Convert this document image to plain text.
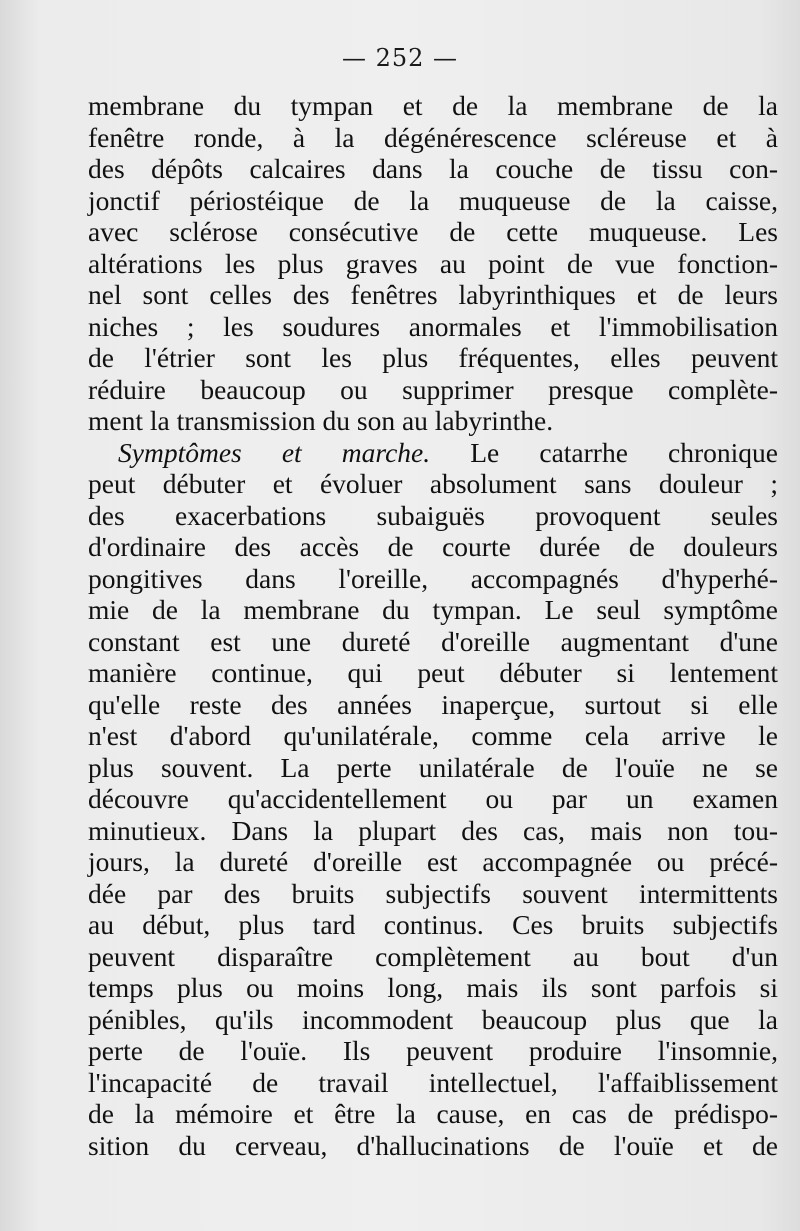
— 252 —
membrane du tympan et de la membrane de la
fenêtre ronde, à la dégénérescence scléreuse et à
des dépôts calcaires dans la couche de tissu con-
jonctif périostéique de la muqueuse de la caisse,
avec sclérose consécutive de cette muqueuse. Les
altérations les plus graves au point de vue fonction-
nel sont celles des fenêtres labyrinthiques et de leurs
niches ; les soudures anormales et l'immobilisation
de l'étrier sont les plus fréquentes, elles peuvent
réduire beaucoup ou supprimer presque complète-
ment la transmission du son au labyrinthe.
Symptômes et marche. Le catarrhe chronique
peut débuter et évoluer absolument sans douleur ;
des exacerbations subaiguës provoquent seules
d'ordinaire des accès de courte durée de douleurs
pongitives dans l'oreille, accompagnés d'hyperhé-
mie de la membrane du tympan. Le seul symptôme
constant est une dureté d'oreille augmentant d'une
manière continue, qui peut débuter si lentement
qu'elle reste des années inaperçue, surtout si elle
n'est d'abord qu'unilatérale, comme cela arrive le
plus souvent. La perte unilatérale de l'ouïe ne se
découvre qu'accidentellement ou par un examen
minutieux. Dans la plupart des cas, mais non tou-
jours, la dureté d'oreille est accompagnée ou précé-
dée par des bruits subjectifs souvent intermittents
au début, plus tard continus. Ces bruits subjectifs
peuvent disparaître complètement au bout d'un
temps plus ou moins long, mais ils sont parfois si
pénibles, qu'ils incommodent beaucoup plus que la
perte de l'ouïe. Ils peuvent produire l'insomnie,
l'incapacité de travail intellectuel, l'affaiblissement
de la mémoire et être la cause, en cas de prédispo-
sition du cerveau, d'hallucinations de l'ouïe et de
